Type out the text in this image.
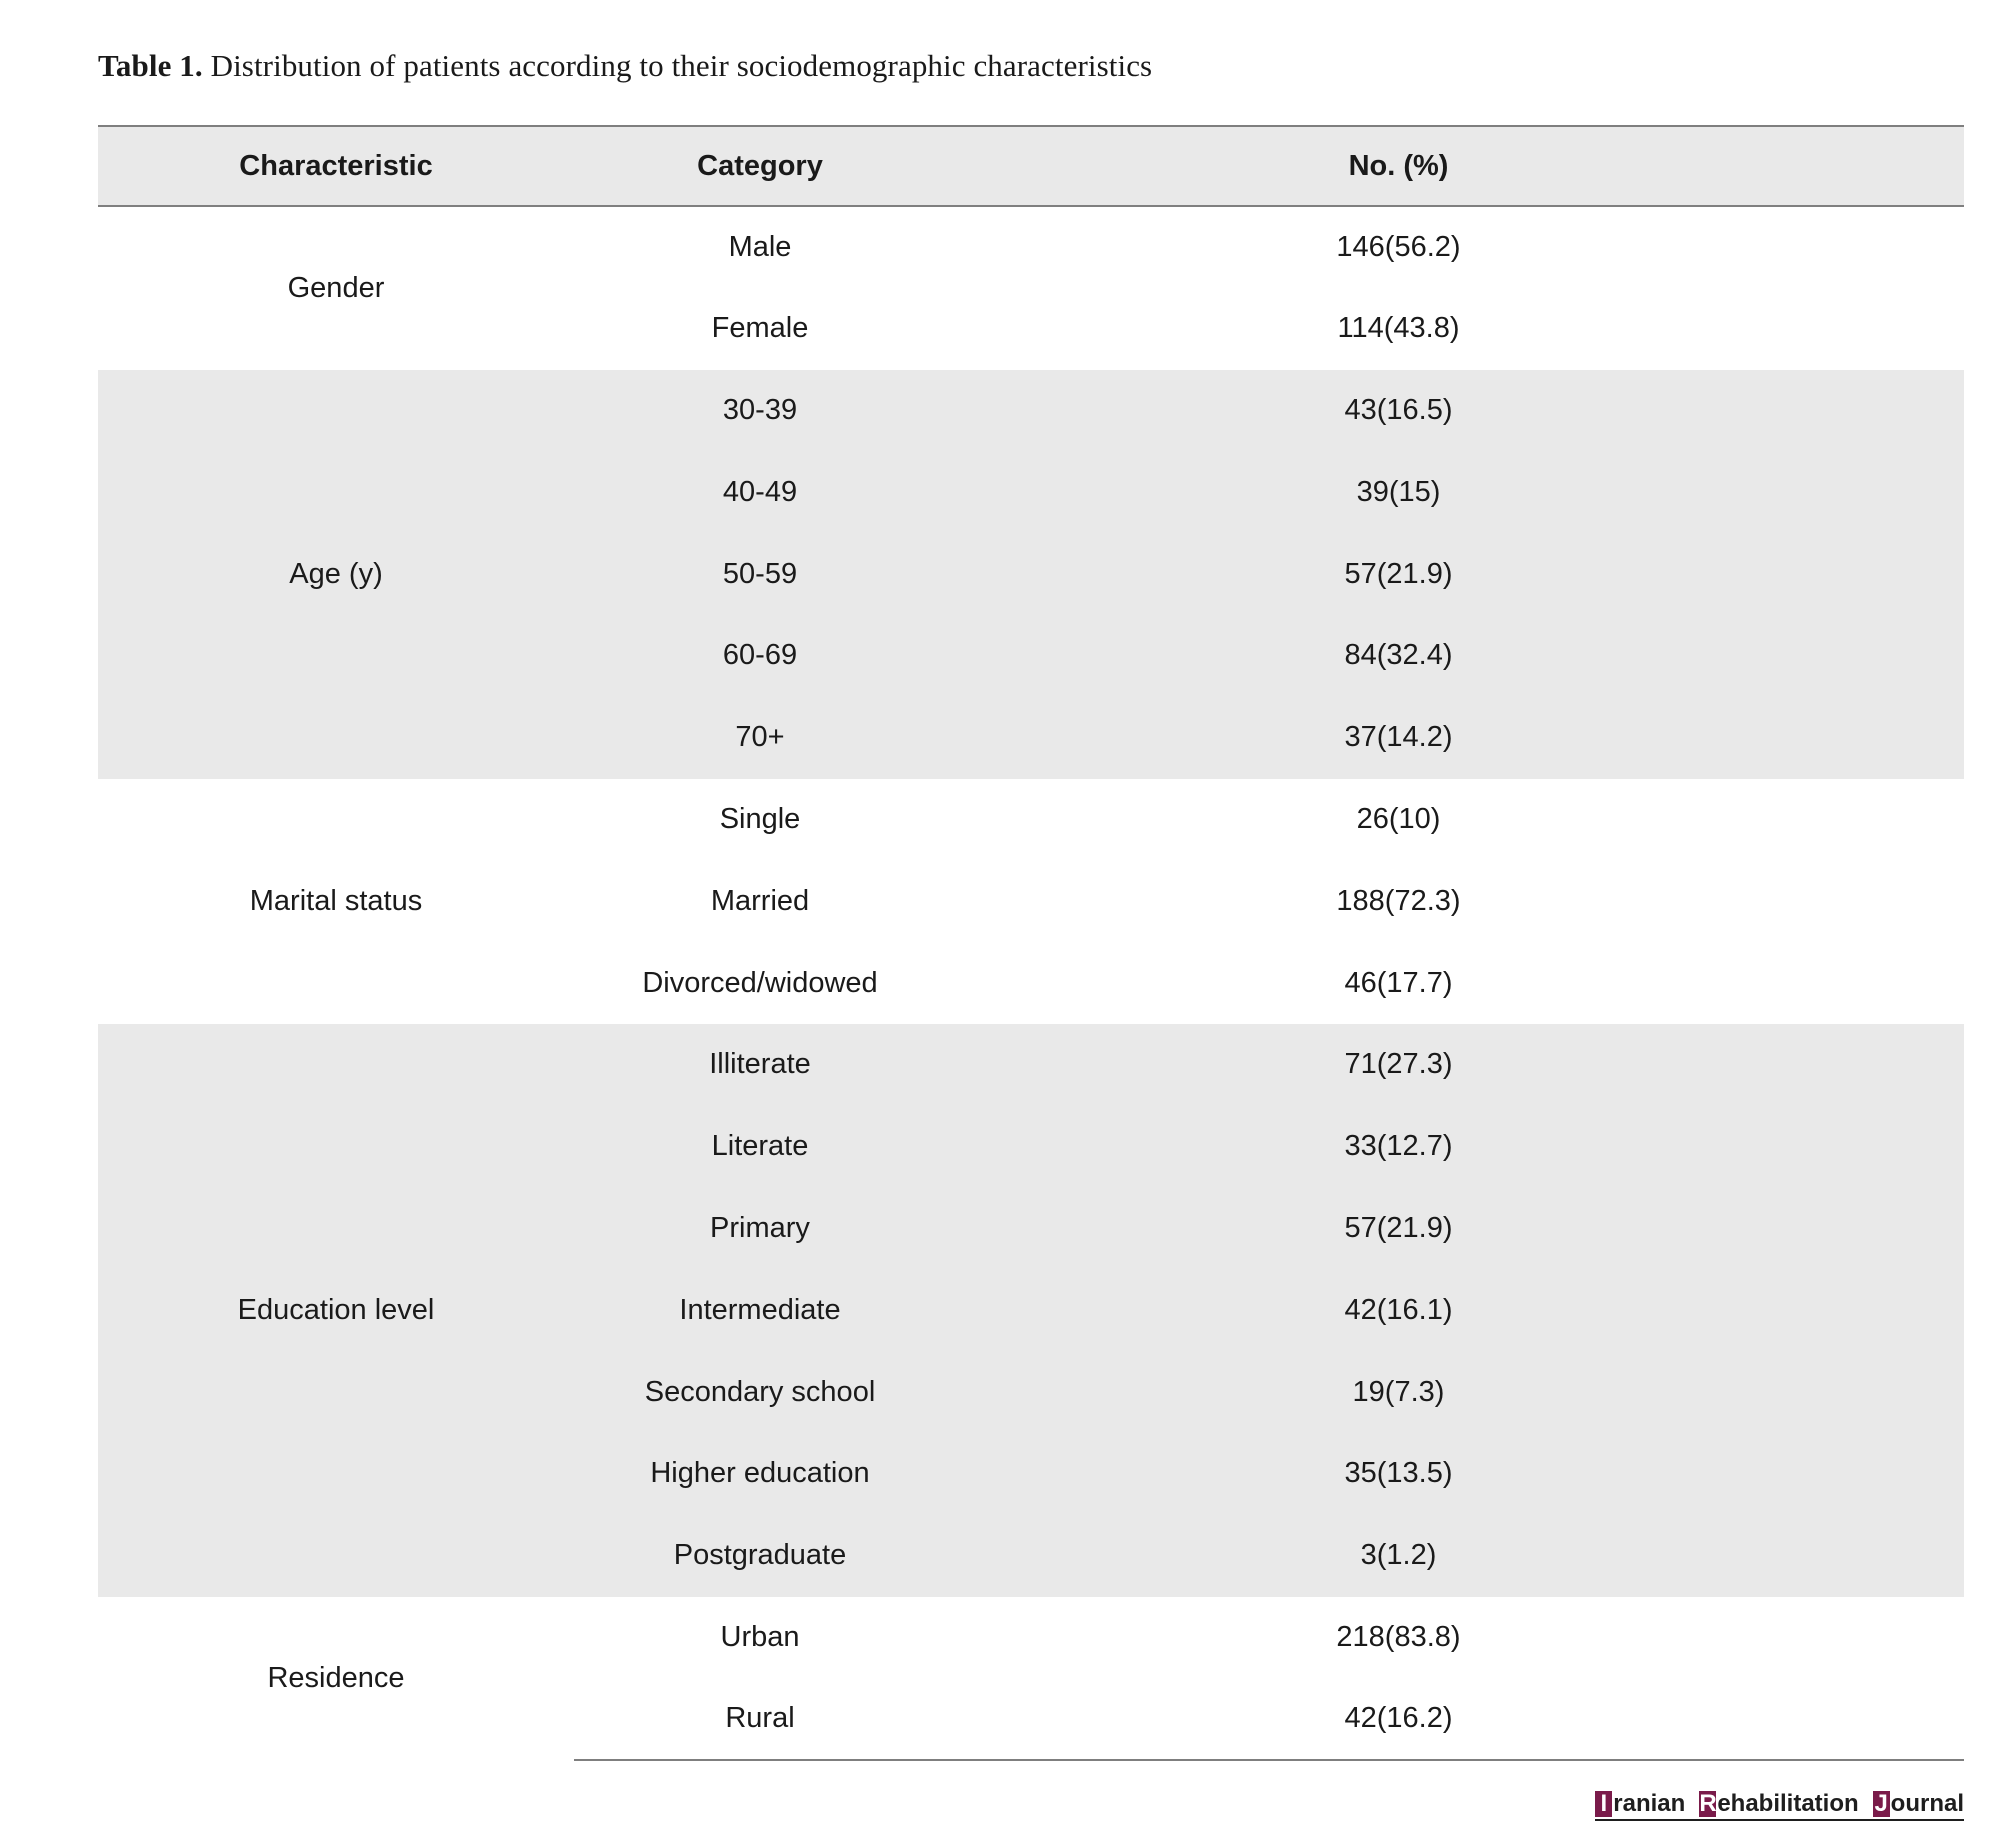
Table 1. Distribution of patients according to their sociodemographic characteristics
Characteristic	Category	No. (%)
Gender	Male	146(56.2)
	Female	114(43.8)
Age (y)	30-39	43(16.5)
	40-49	39(15)
	50-59	57(21.9)
	60-69	84(32.4)
	70+	37(14.2)
Marital status	Single	26(10)
	Married	188(72.3)
	Divorced/widowed	46(17.7)
Education level	Illiterate	71(27.3)
	Literate	33(12.7)
	Primary	57(21.9)
	Intermediate	42(16.1)
	Secondary school	19(7.3)
	Higher education	35(13.5)
	Postgraduate	3(1.2)
Residence	Urban	218(83.8)
	Rural	42(16.2)
I ranian R ehabilitation J ournal
